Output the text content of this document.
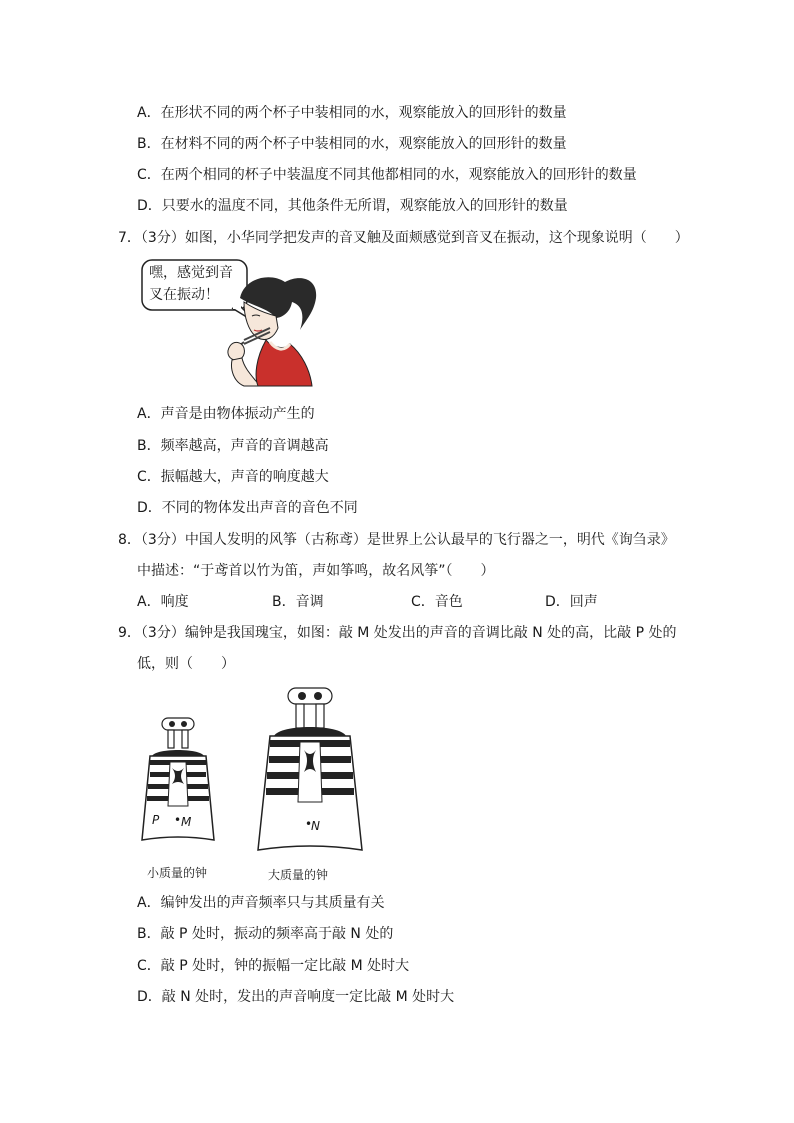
A．在形状不同的两个杯子中装相同的水，观察能放入的回形针的数量
B．在材料不同的两个杯子中装相同的水，观察能放入的回形针的数量
C．在两个相同的杯子中装温度不同其他都相同的水，观察能放入的回形针的数量
D．只要水的温度不同，其他条件无所谓，观察能放入的回形针的数量
7．（3分）如图，小华同学把发声的音叉触及面颊感觉到音叉在振动，这个现象说明（　　）
嘿，感觉到音
叉在振动！
A．声音是由物体振动产生的
B．频率越高，声音的音调越高
C．振幅越大，声音的响度越大
D．不同的物体发出声音的音色不同
8．（3分）中国人发明的风筝（古称鸢）是世界上公认最早的飞行器之一，明代《询刍录》
中描述：“于鸢首以竹为笛，声如筝鸣，故名风筝”（　　）
A．响度	B．音调	C．音色	D．回声
9．（3分）编钟是我国瑰宝，如图：敲 M 处发出的声音的音调比敲 N 处的高，比敲 P 处的
低，则（　　）
P • M	•
N
小质量的钟	大质量的钟
A．编钟发出的声音频率只与其质量有关
B．敲 P 处时，振动的频率高于敲 N 处的
C．敲 P 处时，钟的振幅一定比敲 M 处时大
D．敲 N 处时，发出的声音响度一定比敲 M 处时大
